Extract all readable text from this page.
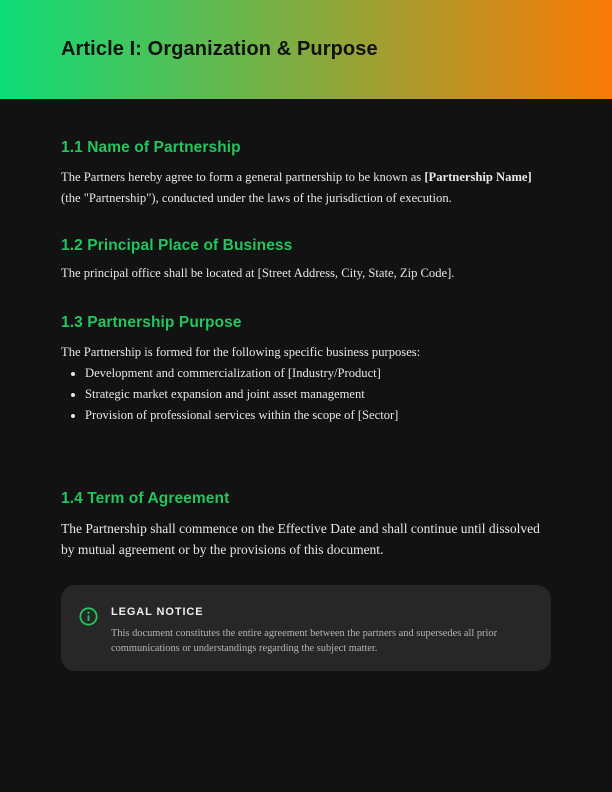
Article I: Organization & Purpose
1.1 Name of Partnership

The Partners hereby agree to form a general partnership to be known as [Partnership Name] (the "Partnership"), conducted under the laws of the jurisdiction of execution.

1.2 Principal Place of Business

The principal office shall be located at [Street Address, City, State, Zip Code].

1.3 Partnership Purpose

The Partnership is formed for the following specific business purposes:

• Development and commercialization of [Industry/Product]
• Strategic market expansion and joint asset management
• Provision of professional services within the scope of [Sector]
1.4 Term of Agreement

The Partnership shall commence on the Effective Date and shall continue until dissolved by mutual agreement or by the provisions of this document.

LEGAL NOTICE

This document constitutes the entire agreement between the partners and supersedes all prior communications or understandings regarding the subject matter.
